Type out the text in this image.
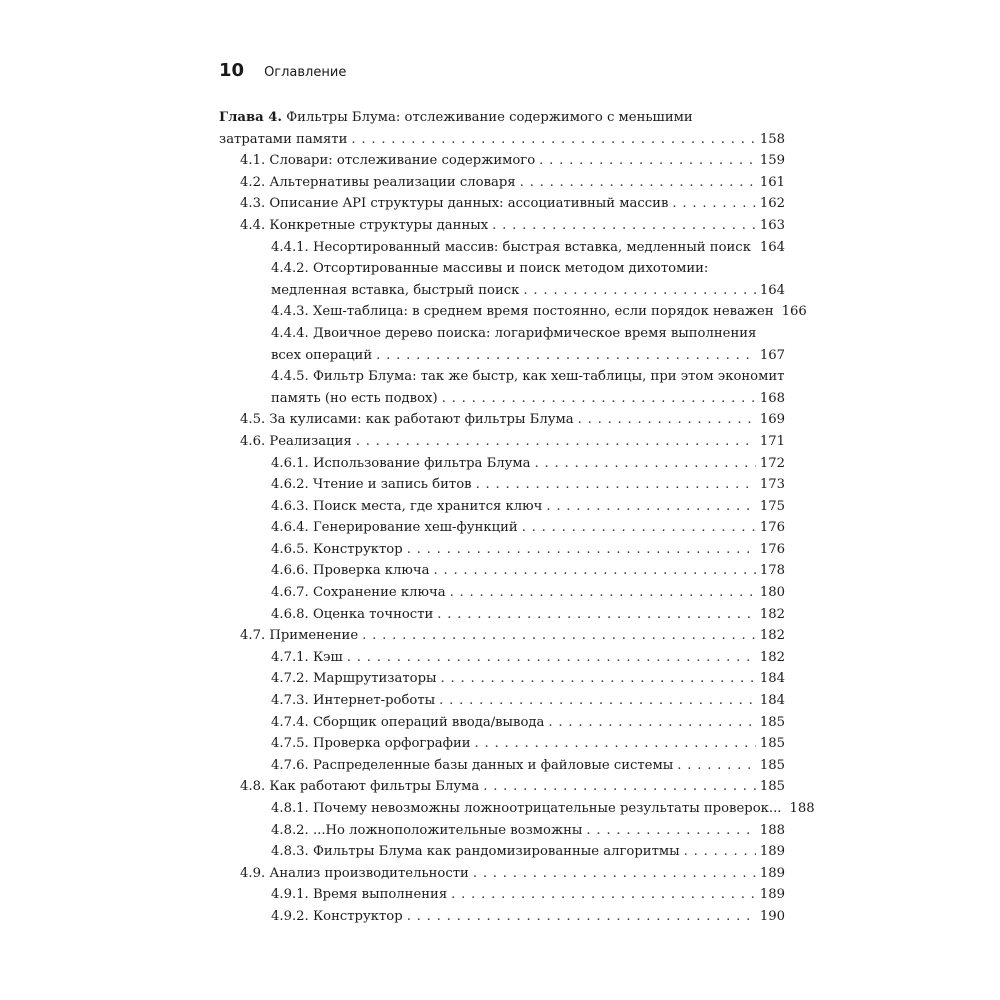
10 Оглавление
Глава 4. Фильтры Блума: отслеживание содержимого с меньшими
затратами памяти . . .	158
4.1. Словари: отслеживание содержимого . . .	159
4.2. Альтернативы реализации словаря . . .	161
4.3. Описание API структуры данных: ассоциативный массив . . .	162
4.4. Конкретные структуры данных . . .	163
4.4.1. Несортированный массив: быстрая вставка, медленный поиск . . . 164
4.4.2. Отсортированные массивы и поиск методом дихотомии:
медленная вставка, быстрый поиск . . .	164
4.4.3. Хеш-таблица: в среднем время постоянно, если порядок неважен 166
4.4.4. Двоичное дерево поиска: логарифмическое время выполнения
всех операций . . .	167
4.4.5. Фильтр Блума: так же быстр, как хеш-таблицы, при этом экономит
память (но есть подвох) . . .	168
4.5. За кулисами: как работают фильтры Блума . . .	169
4.6. Реализация . . .	171
4.6.1. Использование фильтра Блума . . .	172
4.6.2. Чтение и запись битов . . .	173
4.6.3. Поиск места, где хранится ключ . . .	175
4.6.4. Генерирование хеш-функций . . .	176
4.6.5. Конструктор . . .	176
4.6.6. Проверка ключа . . .	178
4.6.7. Сохранение ключа . . .	180
4.6.8. Оценка точности . . .	182
4.7. Применение . . .	182
4.7.1. Кэш . . .	182
4.7.2. Маршрутизаторы . . .	184
4.7.3. Интернет-роботы . . .	184
4.7.4. Сборщик операций ввода/вывода . . .	185
4.7.5. Проверка орфографии . . .	185
4.7.6. Распределенные базы данных и файловые системы . . .	185
4.8. Как работают фильтры Блума . . .	185
4.8.1. Почему невозможны ложноотрицательные результаты проверок... 188
4.8.2. ...Но ложноположительные возможны . . .	188
4.8.3. Фильтры Блума как рандомизированные алгоритмы . . .	189
4.9. Анализ производительности . . .	189
4.9.1. Время выполнения . . .	189
4.9.2. Конструктор . . .	190
